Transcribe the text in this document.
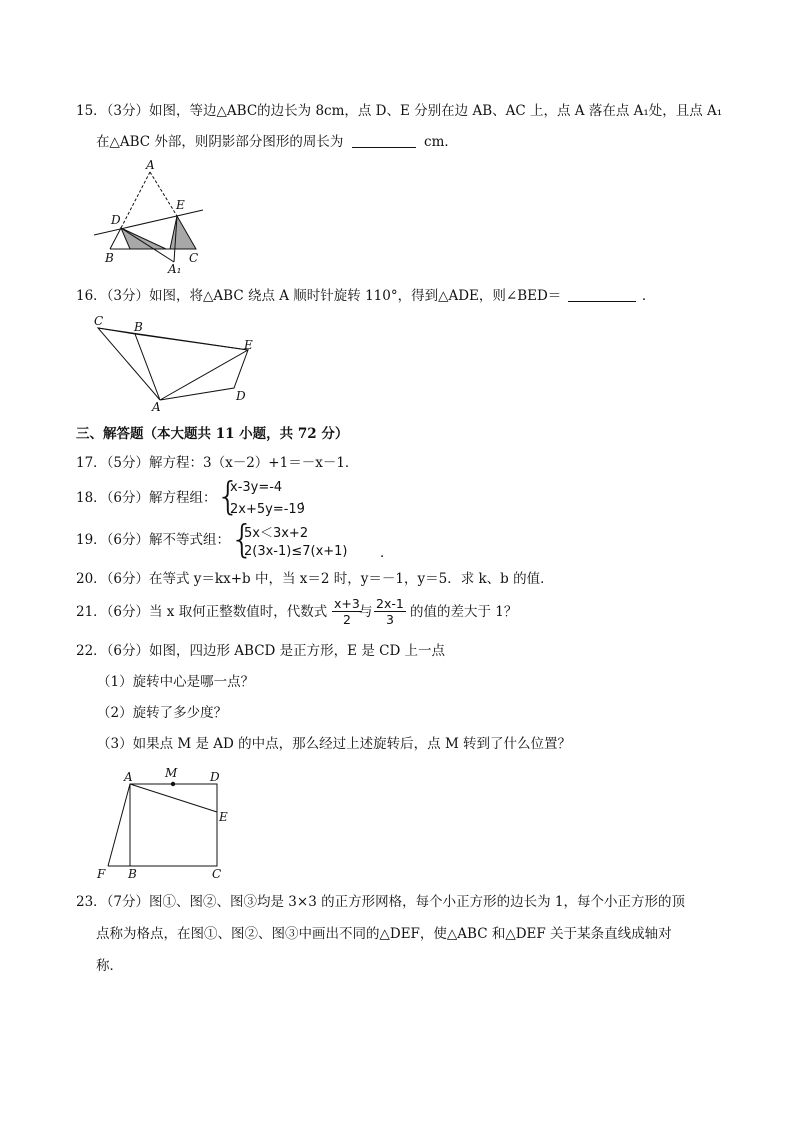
15．（3分）如图，等边△ABC的边长为 8cm，点 D、E 分别在边 AB、AC 上，点 A 落在点 A₁处，且点 A₁
在△ABC 外部，则阴影部分图形的周长为	cm．
A
D
E
B	C
A₁
16．（3分）如图，将△ABC 绕点 A 顺时针旋转 110°，得到△ADE，则∠BED＝	．
C	B
E
A
D
三、解答题（本大题共 11 小题，共 72 分）
17．（5分）解方程：3（x－2）+1＝－x－1．
18．（6分）解方程组： {
x-3y=-4
2x+5y=-19
．
19．（6分）解不等式组： {
5x＜3x+2
2(3x-1)≤7(x+1) ．
20．（6分）在等式 y＝kx+b 中，当 x＝2 时，y＝－1，y＝5．求 k、b 的值．
21．（6分）当 x 取何正整数值时，代数式 $\frac{x+3}{2}$
与 $\frac{2x-1}{3}$ 的值的差大于 1？
22．（6分）如图，四边形 ABCD 是正方形，E 是 CD 上一点
（1）旋转中心是哪一点？
（2）旋转了多少度？
（3）如果点 M 是 AD 的中点，那么经过上述旋转后，点 M 转到了什么位置？
A	M	D
E
F B	C
23．（7分）图①、图②、图③均是 3×3 的正方形网格，每个小正方形的边长为 1，每个小正方形的顶
点称为格点，在图①、图②、图③中画出不同的△DEF，使△ABC 和△DEF 关于某条直线成轴对
称．
